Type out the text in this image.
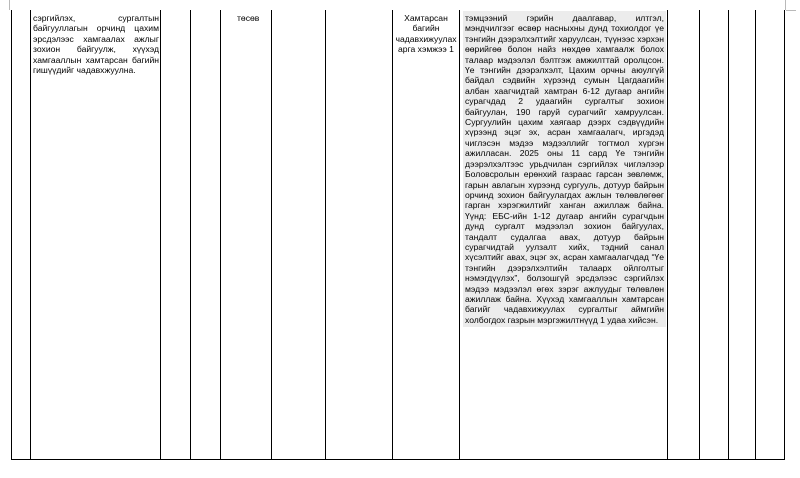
сэргийлэх, сургалтын байгууллагын орчинд цахим эрсдэлээс хамгаалах ажлыг зохион байгуулж, хүүхэд хамгааллын хамтарсан багийн гишүүдийг чадавхжуулна.

төсөв	Хамтарсан багийн чадавхижуулах арга хэмжээ 1

тэмцээний гэрийн даалгавар, илтгэл, мэндчилгээг өсвөр насныхны дунд тохиолдог үе тэнгийн дээрэлхэлтийг харуулсан, түүнээс хэрхэн өөрийгөө болон найз нөхдөө хамгаалж болох талаар мэдээлэл бэлтгэж амжилттай оролцсон. Үе тэнгийн дээрэлхэлт, Цахим орчны аюулгүй байдал сэдвийн хүрээнд сумын Цагдаагийн албан хаагчидтай хамтран 6-12 дугаар ангийн сурагчдад 2 удаагийн сургалтыг зохион байгуулан, 190 гаруй сурагчийг хамруулсан. Сургуулийн цахим хаягаар дээрх сэдвүүдийн хүрээнд эцэг эх, асран хамгаалагч, иргэдэд чиглэсэн мэдээ мэдээллийг тогтмол хүргэн ажилласан. 2025 оны 11 сард Үе тэнгийн дээрэлхэлтээс урьдчилан сэргийлэх чиглэлээр Боловсролын ерөнхий газраас гарсан зөвлөмж, гарын авлагын хүрээнд сургууль, дотуур байрын орчинд зохион байгуулагдах ажлын төлөвлөгөөг гарган хэрэгжилтийг ханган ажиллаж байна. Үүнд: ЕБС-ийн 1-12 дугаар ангийн сурагчдын дунд сургалт мэдээлэл зохион байгуулах, тандалт судалгаа авах, дотуур байрын сурагчидтай уулзалт хийх, тэдний санал хүсэлтийг авах, эцэг эх, асран хамгаалагчдад “Үе тэнгийн дээрэлхэлтийн талаарх ойлголтыг нэмэгдүүлэх”, болзошгүй эрсдэлээс сэргийлэх мэдээ мэдээлэл өгөх зэрэг ажлуудыг төлөвлөн ажиллаж байна. Хүүхэд хамгааллын хамтарсан багийг чадавхижуулах сургалтыг аймгийн холбогдох газрын мэргэжилтнүүд 1 удаа хийсэн.
